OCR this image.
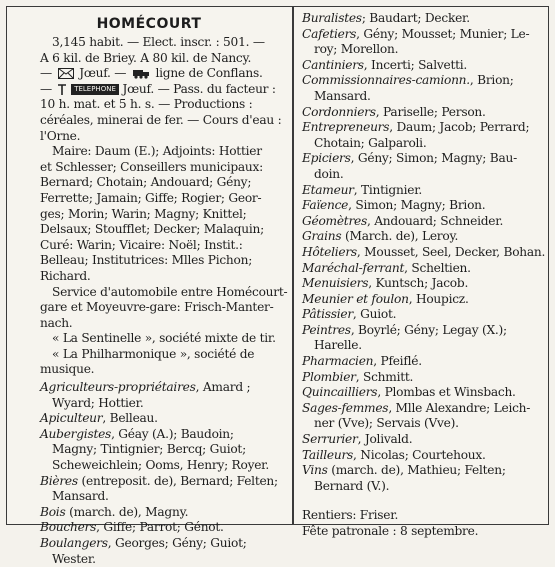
HOMÉCOURT
3,145 habit. — Elect. inscr. : 501. —
A 6 kil. de Briey. A 80 kil. de Nancy.
—  Jœuf. —  ligne de Conflans.
—	TELEPHONE Jœuf. — Pass. du facteur :
10 h. mat. et 5 h. s. — Productions :
céréales, minerai de fer. — Cours d'eau :
l'Orne.
Maire: Daum (E.); Adjoints: Hottier
et Schlesser; Conseillers municipaux:
Bernard; Chotain; Andouard; Gény;
Ferrette; Jamain; Giffe; Rogier; Geor-
ges; Morin; Warin; Magny; Knittel;
Delsaux; Stoufflet; Decker; Malaquin;
Curé: Warin; Vicaire: Noël; Instit.:
Belleau; Institutrices: Mlles Pichon;
Richard.
Service d'automobile entre Homécourt-
gare et Moyeuvre-gare: Frisch-Manter-
nach.
« La Sentinelle », société mixte de tir.
« La Philharmonique », société de
musique.
Agriculteurs-propriétaires, Amard ;
Wyard; Hottier.
Apiculteur, Belleau.
Aubergistes, Géay (A.); Baudoin;
Magny; Tintignier; Bercq; Guiot;
Scheweichlein; Ooms, Henry; Royer.
Bières (entreposit. de), Bernard; Felten;
Mansard.
Bois (march. de), Magny.
Bouchers, Giffe; Parrot; Génot.
Boulangers, Georges; Gény; Guiot;
Wester.
Buralistes; Baudart; Decker.
Cafetiers, Gény; Mousset; Munier; Le-
roy; Morellon.
Cantiniers, Incerti; Salvetti.
Commissionnaires-camionn., Brion;
Mansard.
Cordonniers, Pariselle; Person.
Entrepreneurs, Daum; Jacob; Perrard;
Chotain; Galparoli.
Epiciers, Gény; Simon; Magny; Bau-
doin.
Etameur, Tintignier.
Faïence, Simon; Magny; Brion.
Géomètres, Andouard; Schneider.
Grains (March. de), Leroy.
Hôteliers, Mousset, Seel, Decker, Bohan.
Maréchal-ferrant, Scheltien.
Menuisiers, Kuntsch; Jacob.
Meunier et foulon, Houpicz.
Pâtissier, Guiot.
Peintres, Boyrlé; Gény; Legay (X.);
Harelle.
Pharmacien, Pfeiflé.
Plombier, Schmitt.
Quincailliers, Plombas et Winsbach.
Sages-femmes, Mlle Alexandre; Leich-
ner (Vve); Servais (Vve).
Serrurier, Jolivald.
Tailleurs, Nicolas; Courtehoux.
Vins (march. de), Mathieu; Felten;
Bernard (V.).
Rentiers: Friser.
Fête patronale : 8 septembre.
